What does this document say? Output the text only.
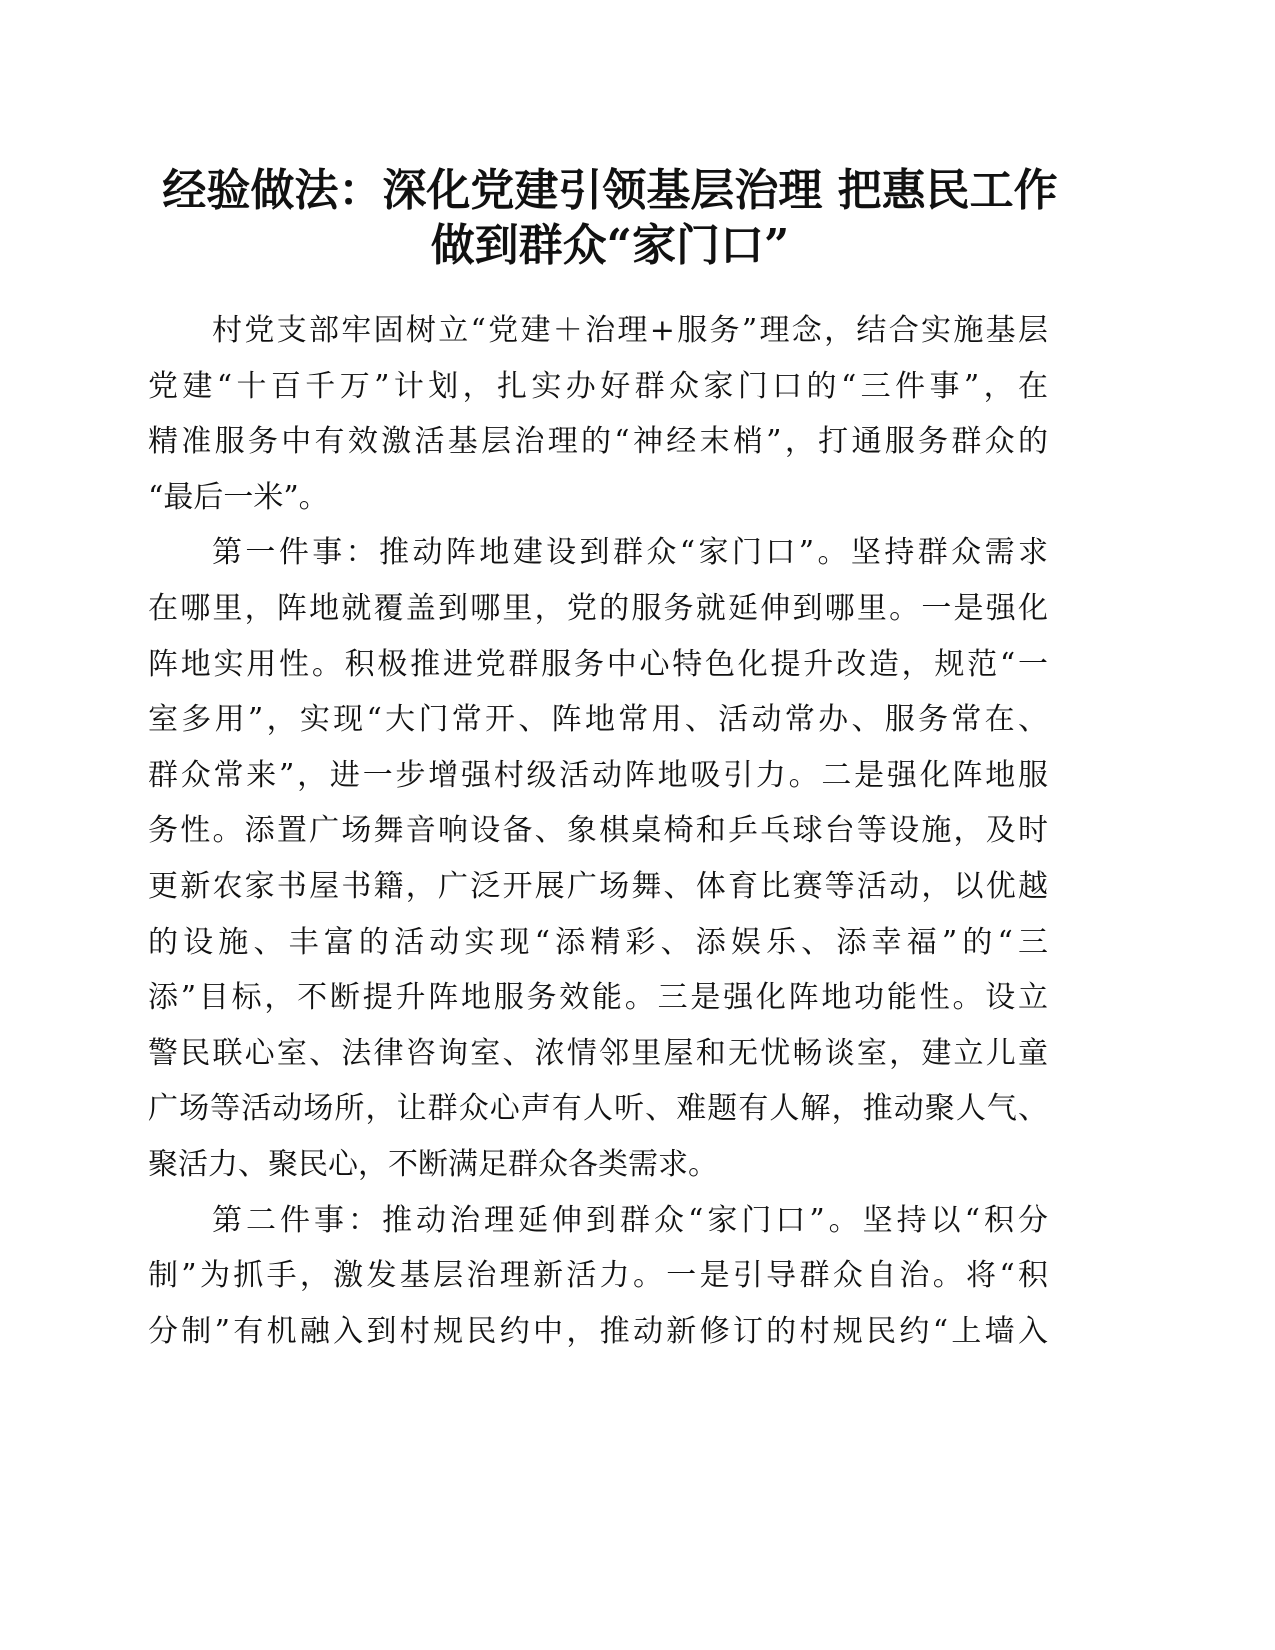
经验做法：深化党建引领基层治理 把惠民工作
做到群众“家门口”
村党支部牢固树立“党建＋治理+服务”理念，结合实施基层
党建“十百千万”计划，扎实办好群众家门口的“三件事”，在
精准服务中有效激活基层治理的“神经末梢”，打通服务群众的
“最后一米”。
第一件事：推动阵地建设到群众“家门口”。坚持群众需求
在哪里，阵地就覆盖到哪里，党的服务就延伸到哪里。一是强化
阵地实用性。积极推进党群服务中心特色化提升改造，规范“一
室多用”，实现“大门常开、阵地常用、活动常办、服务常在、
群众常来”，进一步增强村级活动阵地吸引力。二是强化阵地服
务性。添置广场舞音响设备、象棋桌椅和乒乓球台等设施，及时
更新农家书屋书籍，广泛开展广场舞、体育比赛等活动，以优越
的设施、丰富的活动实现“添精彩、添娱乐、添幸福”的“三
添”目标，不断提升阵地服务效能。三是强化阵地功能性。设立
警民联心室、法律咨询室、浓情邻里屋和无忧畅谈室，建立儿童
广场等活动场所，让群众心声有人听、难题有人解，推动聚人气、
聚活力、聚民心，不断满足群众各类需求。
第二件事：推动治理延伸到群众“家门口”。坚持以“积分
制”为抓手，激发基层治理新活力。一是引导群众自治。将“积
分制”有机融入到村规民约中，推动新修订的村规民约“上墙入
